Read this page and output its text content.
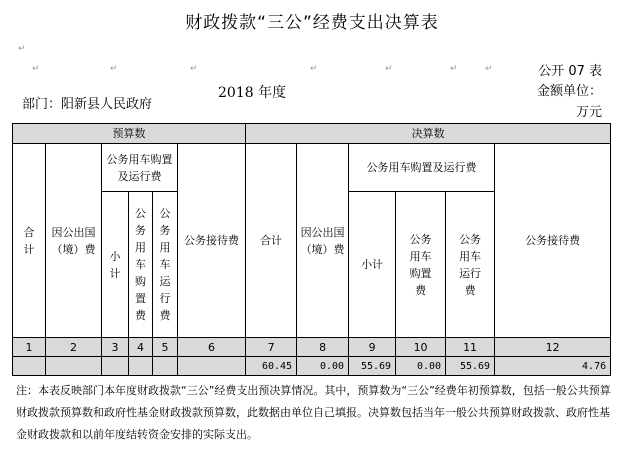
财政拨款“三公”经费支出决算表
公开 07 表
金额单位：
万元
2018 年度
部门：阳新县人民政府
↵
↵	↵	↵	↵	↵	↵	↵
预算数						决算数					
合计	因公出国（境）费	公务用车购置及运行费			公务接待费	合计	因公出国（境）费	公务用车购置及运行费			公务接待费
		小计	公务用车购置费	公务用车运行费				小计	公务用车购置费	公务用车运行费	
1	2	3	4	5	6	7	8	9	10	11	12
						60.45	0.00	55.69	0.00	55.69	4.76
注：本表反映部门本年度财政拨款“三公”经费支出预决算情况。其中，预算数为“三公”经费年初预算数，包括一般公共预算财政拨款预算数和政府性基金财政拨款预算数，此数据由单位自己填报。决算数包括当年一般公共预算财政拨款、政府性基金财政拨款和以前年度结转资金安排的实际支出。
